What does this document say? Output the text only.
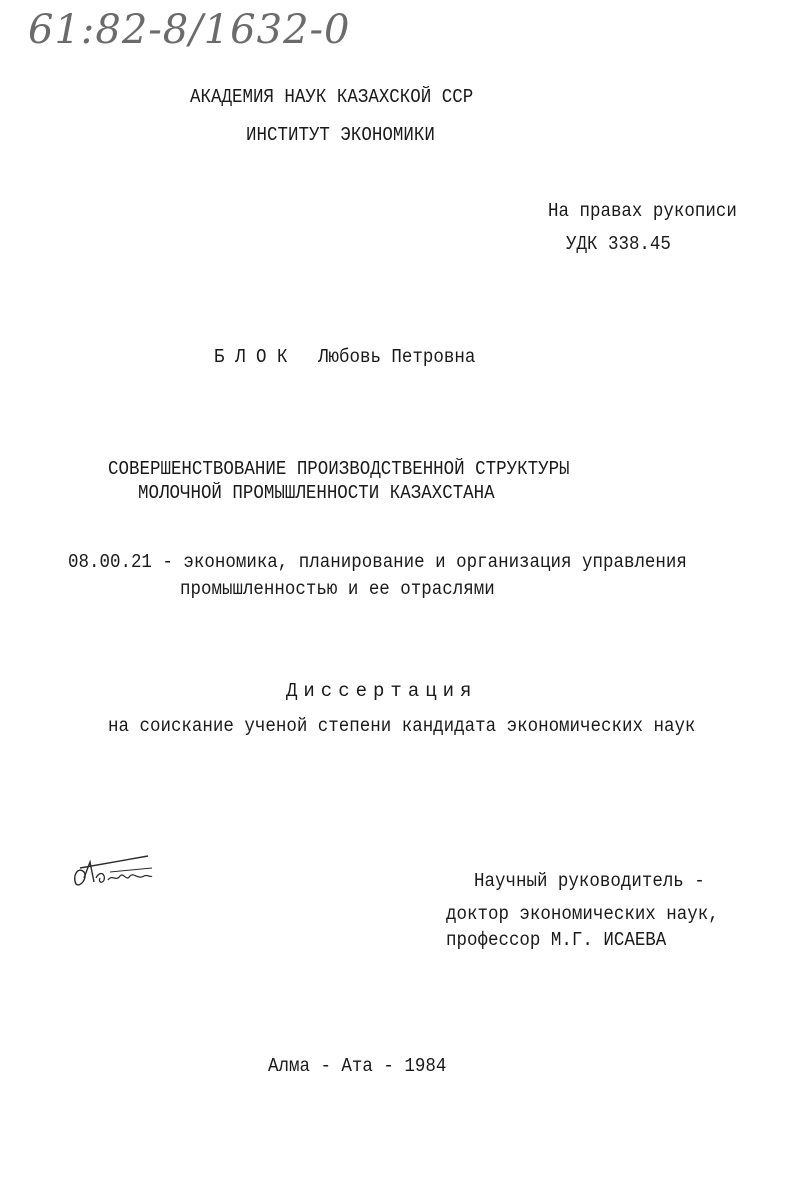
61:82-8/1632-0
АКАДЕМИЯ НАУК КАЗАХСКОЙ ССР
ИНСТИТУТ ЭКОНОМИКИ
На правах рукописи
УДК 338.45
Б Л О К Любовь Петровна
СОВЕРШЕНСТВОВАНИЕ ПРОИЗВОДСТВЕННОЙ СТРУКТУРЫ
МОЛОЧНОЙ ПРОМЫШЛЕННОСТИ КАЗАХСТАНА
08.00.21 - экономика, планирование и организация управления
промышленностью и ее отраслями
Диссертация
на соискание ученой степени кандидата экономических наук
Научный руководитель -
доктор экономических наук,
профессор М.Г. ИСАЕВА
Алма - Ата - 1984
